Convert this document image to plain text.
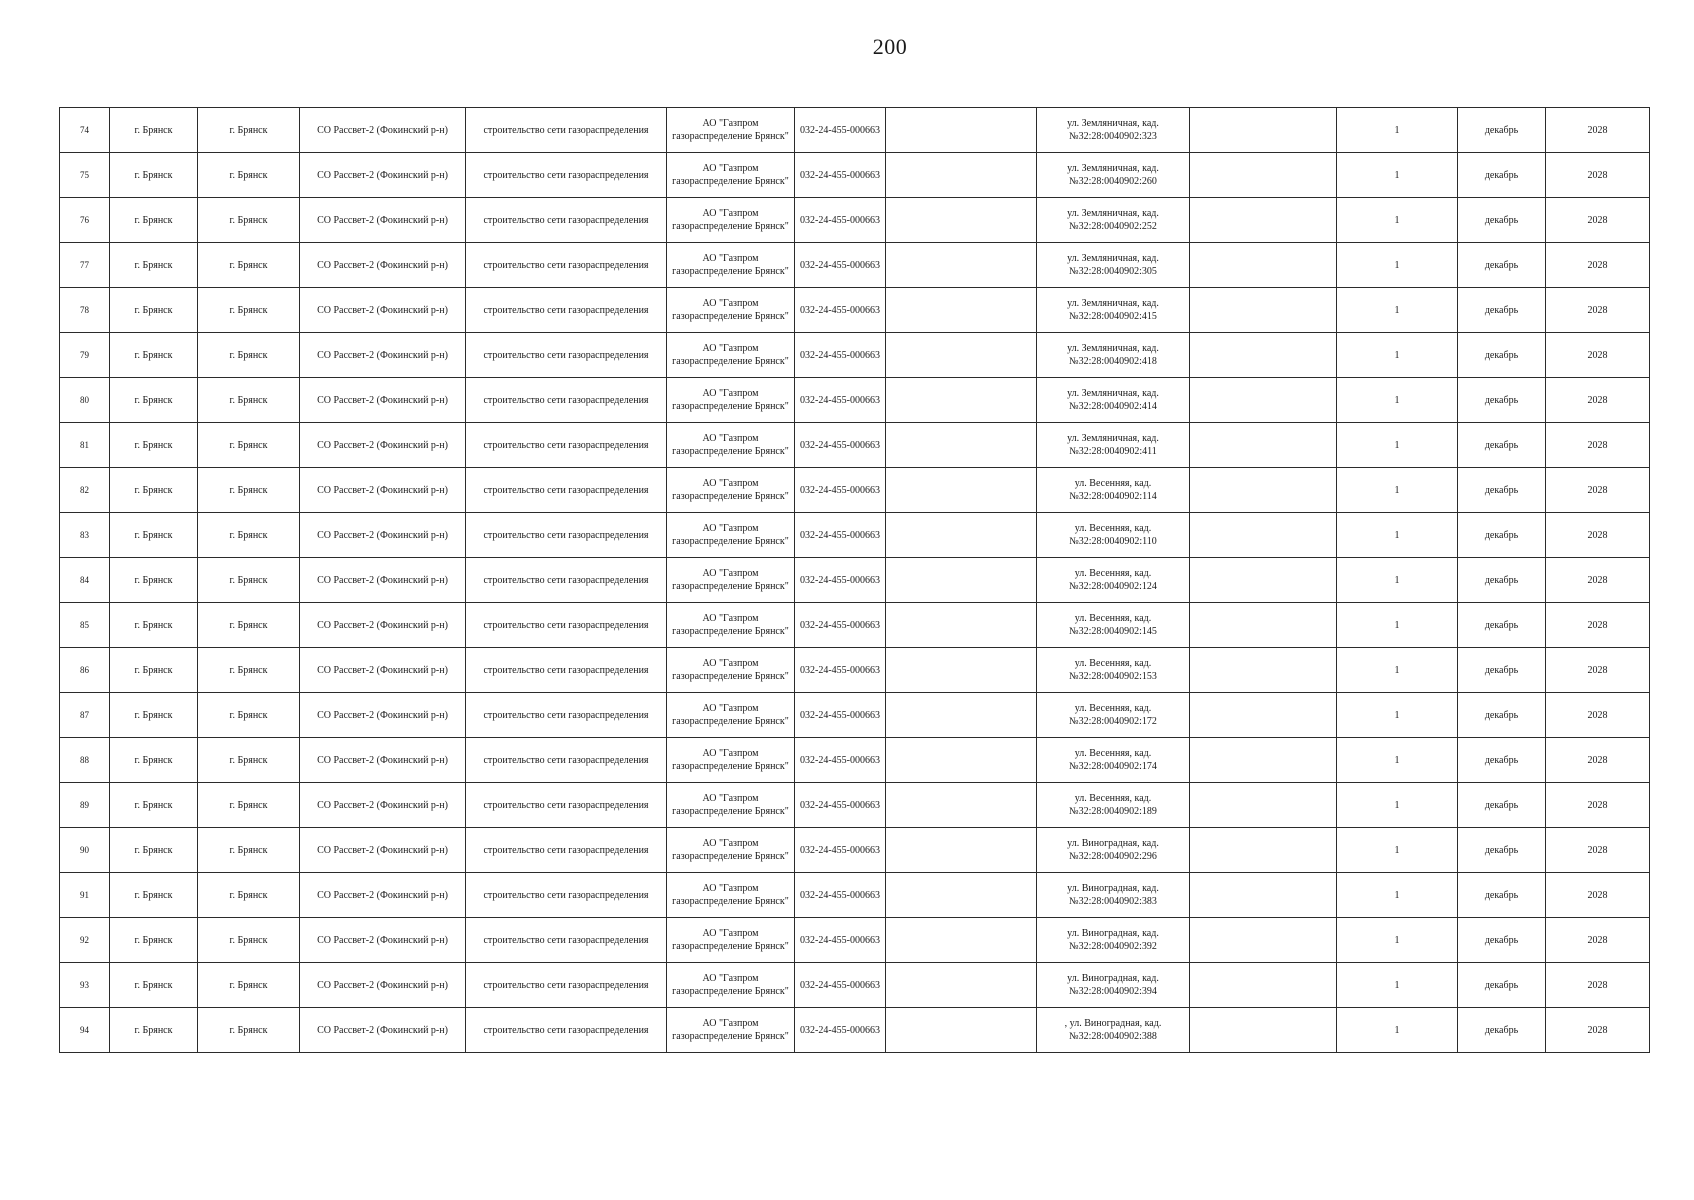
200
74	г. Брянск	г. Брянск	СО Рассвет-2 (Фокинский р-н)	строительство сети газораспределения	АО "Газпром газораспределение Брянск"	032-24-455-000663		ул. Земляничная, кад. №32:28:0040902:323		1	декабрь	2028
75	г. Брянск	г. Брянск	СО Рассвет-2 (Фокинский р-н)	строительство сети газораспределения	АО "Газпром газораспределение Брянск"	032-24-455-000663		ул. Земляничная, кад. №32:28:0040902:260		1	декабрь	2028
76	г. Брянск	г. Брянск	СО Рассвет-2 (Фокинский р-н)	строительство сети газораспределения	АО "Газпром газораспределение Брянск"	032-24-455-000663		ул. Земляничная, кад. №32:28:0040902:252		1	декабрь	2028
77	г. Брянск	г. Брянск	СО Рассвет-2 (Фокинский р-н)	строительство сети газораспределения	АО "Газпром газораспределение Брянск"	032-24-455-000663		ул. Земляничная, кад. №32:28:0040902:305		1	декабрь	2028
78	г. Брянск	г. Брянск	СО Рассвет-2 (Фокинский р-н)	строительство сети газораспределения	АО "Газпром газораспределение Брянск"	032-24-455-000663		ул. Земляничная, кад. №32:28:0040902:415		1	декабрь	2028
79	г. Брянск	г. Брянск	СО Рассвет-2 (Фокинский р-н)	строительство сети газораспределения	АО "Газпром газораспределение Брянск"	032-24-455-000663		ул. Земляничная, кад. №32:28:0040902:418		1	декабрь	2028
80	г. Брянск	г. Брянск	СО Рассвет-2 (Фокинский р-н)	строительство сети газораспределения	АО "Газпром газораспределение Брянск"	032-24-455-000663		ул. Земляничная, кад. №32:28:0040902:414		1	декабрь	2028
81	г. Брянск	г. Брянск	СО Рассвет-2 (Фокинский р-н)	строительство сети газораспределения	АО "Газпром газораспределение Брянск"	032-24-455-000663		ул. Земляничная, кад. №32:28:0040902:411		1	декабрь	2028
82	г. Брянск	г. Брянск	СО Рассвет-2 (Фокинский р-н)	строительство сети газораспределения	АО "Газпром газораспределение Брянск"	032-24-455-000663		ул. Весенняя, кад. №32:28:0040902:114		1	декабрь	2028
83	г. Брянск	г. Брянск	СО Рассвет-2 (Фокинский р-н)	строительство сети газораспределения	АО "Газпром газораспределение Брянск"	032-24-455-000663		ул. Весенняя, кад. №32:28:0040902:110		1	декабрь	2028
84	г. Брянск	г. Брянск	СО Рассвет-2 (Фокинский р-н)	строительство сети газораспределения	АО "Газпром газораспределение Брянск"	032-24-455-000663		ул. Весенняя, кад. №32:28:0040902:124		1	декабрь	2028
85	г. Брянск	г. Брянск	СО Рассвет-2 (Фокинский р-н)	строительство сети газораспределения	АО "Газпром газораспределение Брянск"	032-24-455-000663		ул. Весенняя, кад. №32:28:0040902:145		1	декабрь	2028
86	г. Брянск	г. Брянск	СО Рассвет-2 (Фокинский р-н)	строительство сети газораспределения	АО "Газпром газораспределение Брянск"	032-24-455-000663		ул. Весенняя, кад. №32:28:0040902:153		1	декабрь	2028
87	г. Брянск	г. Брянск	СО Рассвет-2 (Фокинский р-н)	строительство сети газораспределения	АО "Газпром газораспределение Брянск"	032-24-455-000663		ул. Весенняя, кад. №32:28:0040902:172		1	декабрь	2028
88	г. Брянск	г. Брянск	СО Рассвет-2 (Фокинский р-н)	строительство сети газораспределения	АО "Газпром газораспределение Брянск"	032-24-455-000663		ул. Весенняя, кад. №32:28:0040902:174		1	декабрь	2028
89	г. Брянск	г. Брянск	СО Рассвет-2 (Фокинский р-н)	строительство сети газораспределения	АО "Газпром газораспределение Брянск"	032-24-455-000663		ул. Весенняя, кад. №32:28:0040902:189		1	декабрь	2028
90	г. Брянск	г. Брянск	СО Рассвет-2 (Фокинский р-н)	строительство сети газораспределения	АО "Газпром газораспределение Брянск"	032-24-455-000663		ул. Виноградная, кад. №32:28:0040902:296		1	декабрь	2028
91	г. Брянск	г. Брянск	СО Рассвет-2 (Фокинский р-н)	строительство сети газораспределения	АО "Газпром газораспределение Брянск"	032-24-455-000663		ул. Виноградная, кад. №32:28:0040902:383		1	декабрь	2028
92	г. Брянск	г. Брянск	СО Рассвет-2 (Фокинский р-н)	строительство сети газораспределения	АО "Газпром газораспределение Брянск"	032-24-455-000663		ул. Виноградная, кад. №32:28:0040902:392		1	декабрь	2028
93	г. Брянск	г. Брянск	СО Рассвет-2 (Фокинский р-н)	строительство сети газораспределения	АО "Газпром газораспределение Брянск"	032-24-455-000663		ул. Виноградная, кад. №32:28:0040902:394		1	декабрь	2028
94	г. Брянск	г. Брянск	СО Рассвет-2 (Фокинский р-н)	строительство сети газораспределения	АО "Газпром газораспределение Брянск"	032-24-455-000663		, ул. Виноградная, кад. №32:28:0040902:388		1	декабрь	2028
